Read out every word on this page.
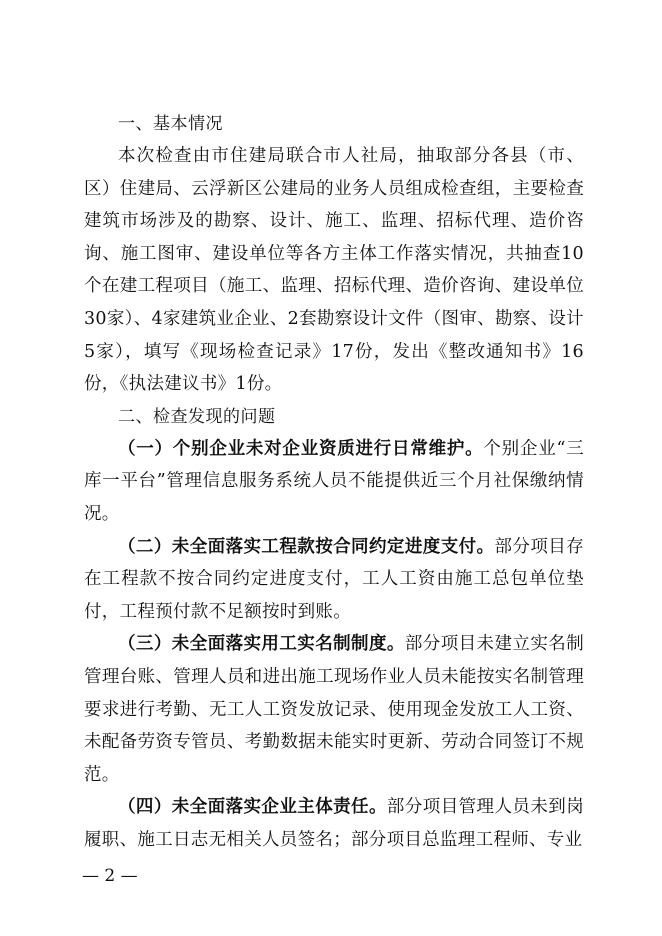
一、基本情况

本次检查由市住建局联合市人社局，抽取部分各县（市、区）住建局、云浮新区公建局的业务人员组成检查组，主要检查建筑市场涉及的勘察、设计、施工、监理、招标代理、造价咨询、施工图审、建设单位等各方主体工作落实情况，共抽查10个在建工程项目（施工、监理、招标代理、造价咨询、建设单位30家）、4家建筑业企业、2套勘察设计文件（图审、勘察、设计5家），填写《现场检查记录》17份，发出《整改通知书》16份，《执法建议书》1份。

二、检查发现的问题

（一）个别企业未对企业资质进行日常维护。个别企业“三库一平台”管理信息服务系统人员不能提供近三个月社保缴纳情况。

（二）未全面落实工程款按合同约定进度支付。部分项目存在工程款不按合同约定进度支付，工人工资由施工总包单位垫付，工程预付款不足额按时到账。

（三）未全面落实用工实名制制度。部分项目未建立实名制管理台账、管理人员和进出施工现场作业人员未能按实名制管理要求进行考勤、无工人工资发放记录、使用现金发放工人工资、未配备劳资专管员、考勤数据未能实时更新、劳动合同签订不规范。

（四）未全面落实企业主体责任。部分项目管理人员未到岗履职、施工日志无相关人员签名；部分项目总监理工程师、专业

— 2 —
